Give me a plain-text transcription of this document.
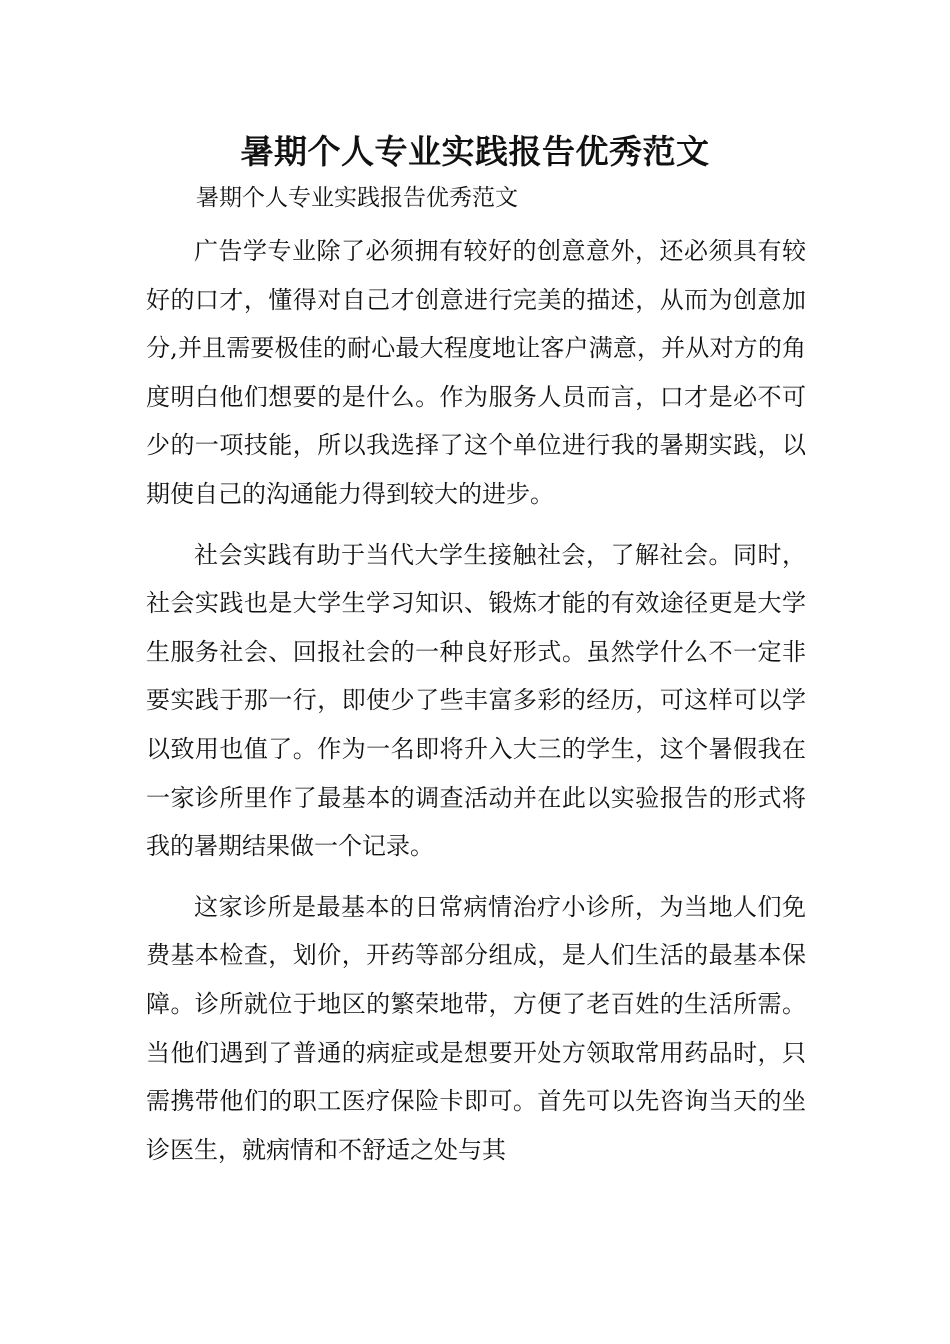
暑期个人专业实践报告优秀范文

暑期个人专业实践报告优秀范文

广告学专业除了必须拥有较好的创意意外，还必须具有较好的口才，懂得对自己才创意进行完美的描述，从而为创意加分,并且需要极佳的耐心最大程度地让客户满意，并从对方的角度明白他们想要的是什么。作为服务人员而言，口才是必不可少的一项技能，所以我选择了这个单位进行我的暑期实践，以期使自己的沟通能力得到较大的进步。

社会实践有助于当代大学生接触社会，了解社会。同时，社会实践也是大学生学习知识、锻炼才能的有效途径更是大学生服务社会、回报社会的一种良好形式。虽然学什么不一定非要实践于那一行，即使少了些丰富多彩的经历，可这样可以学以致用也值了。作为一名即将升入大三的学生，这个暑假我在一家诊所里作了最基本的调查活动并在此以实验报告的形式将我的暑期结果做一个记录。

这家诊所是最基本的日常病情治疗小诊所，为当地人们免费基本检查，划价，开药等部分组成，是人们生活的最基本保障。诊所就位于地区的繁荣地带，方便了老百姓的生活所需。当他们遇到了普通的病症或是想要开处方领取常用药品时，只需携带他们的职工医疗保险卡即可。首先可以先咨询当天的坐诊医生，就病情和不舒适之处与其
